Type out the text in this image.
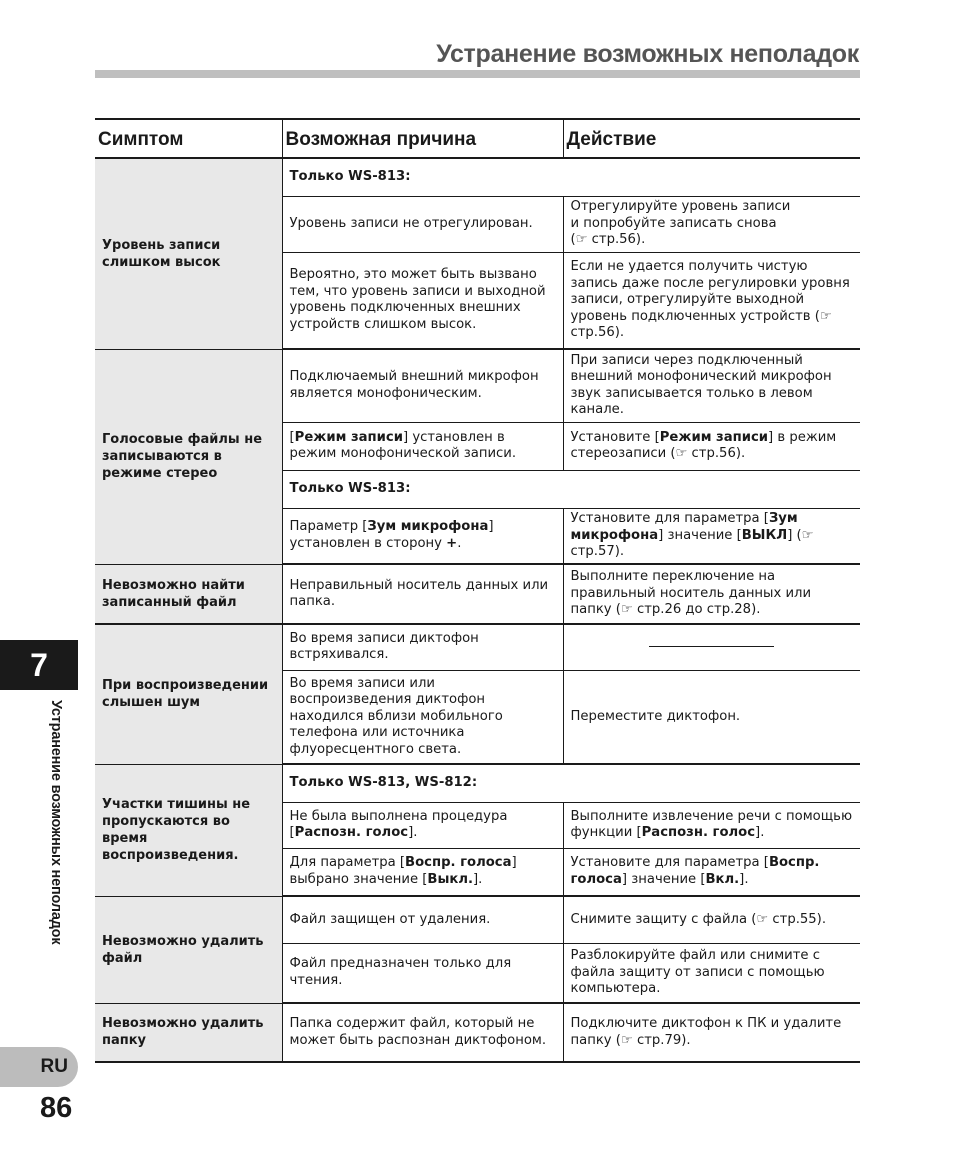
Устранение возможных неполадок
7
Устранение возможных неполадок
RU
86
Симптом	Возможная причина	Действие
Уровень записи слишком высок	Только WS-813:	
	Уровень записи не отрегулирован.	Отрегулируйте уровень записи
и попробуйте записать снова
(☞ стр.56).
	Вероятно, это может быть вызвано тем, что уровень записи и выходной уровень подключенных внешних устройств слишком высок.	Если не удается получить чистую запись даже после регулировки уровня записи, отрегулируйте выходной уровень подключенных устройств (☞ стр.56).
Голосовые файлы не записываются в режиме стерео	Подключаемый внешний микрофон является монофоническим.	При записи через подключенный внешний монофонический микрофон звук записывается только в левом канале.
	[Режим записи] установлен в режим монофонической записи.	Установите [Режим записи] в режим стереозаписи (☞ стр.56).
	Только WS-813:	
	Параметр [Зум микрофона] установлен в сторону +.	Установите для параметра [Зум микрофона] значение [ВЫКЛ] (☞ стр.57).
Невозможно найти записанный файл	Неправильный носитель данных или папка.	Выполните переключение на правильный носитель данных или папку (☞ стр.26 до стр.28).
При воспроизведении слышен шум	Во время записи диктофон встряхивался.	
	Во время записи или воспроизведения диктофон находился вблизи мобильного телефона или источника флуоресцентного света.	Переместите диктофон.
Участки тишины не пропускаются во время воспроизведения.	Только WS-813, WS-812:	
	Не была выполнена процедура [Распозн. голос].	Выполните извлечение речи с помощью функции [Распозн. голос].
	Для параметра [Воспр. голоса] выбрано значение [Выкл.].	Установите для параметра [Воспр. голоса] значение [Вкл.].
Невозможно удалить файл	Файл защищен от удаления.	Снимите защиту с файла (☞ стр.55).
	Файл предназначен только для чтения.	Разблокируйте файл или снимите с файла защиту от записи с помощью компьютера.
Невозможно удалить папку	Папка содержит файл, который не может быть распознан диктофоном.	Подключите диктофон к ПК и удалите папку (☞ стр.79).
